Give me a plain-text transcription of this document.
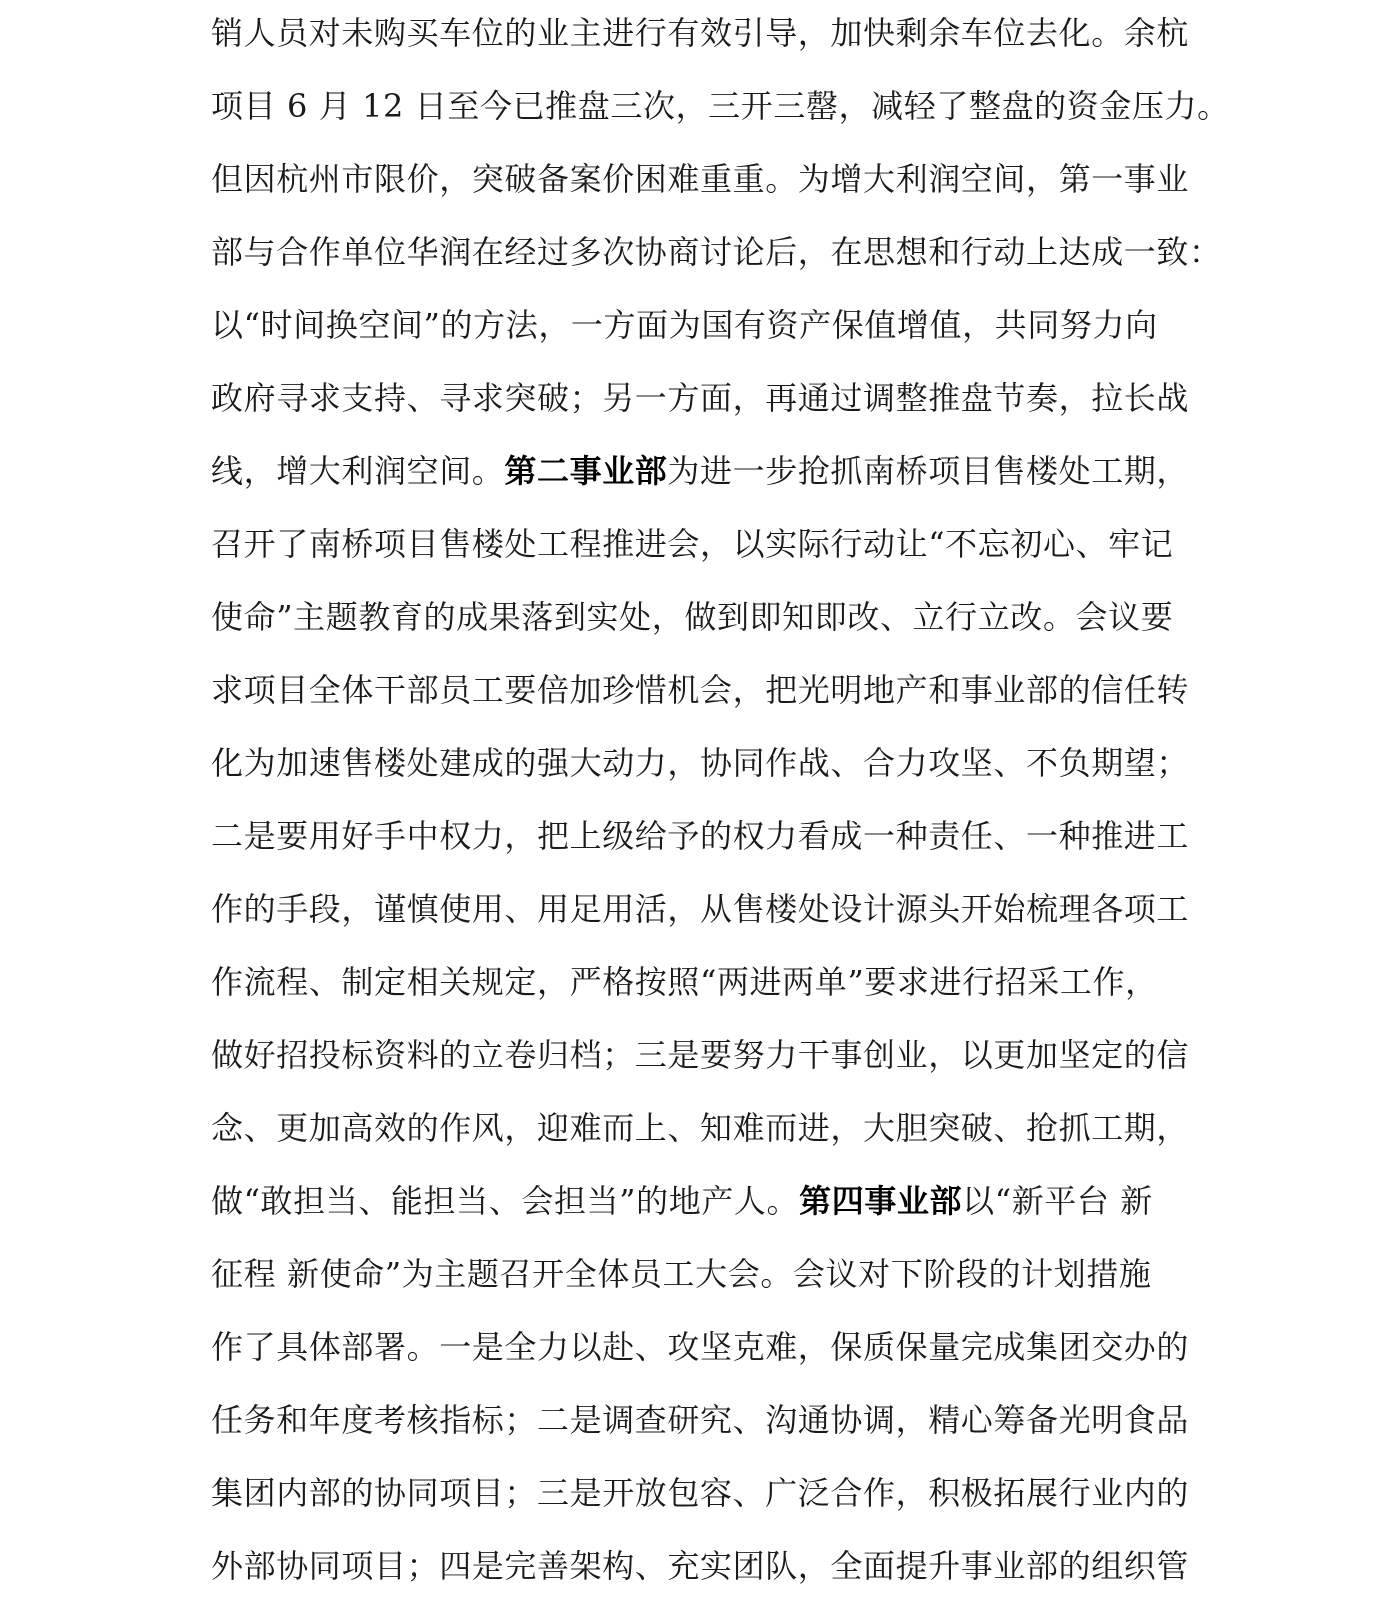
销人员对未购买车位的业主进行有效引导，加快剩余车位去化。余杭
项目 6 月 12 日至今已推盘三次，三开三罄，减轻了整盘的资金压力。
但因杭州市限价，突破备案价困难重重。为增大利润空间，第一事业
部与合作单位华润在经过多次协商讨论后，在思想和行动上达成一致：
以“时间换空间”的方法，一方面为国有资产保值增值，共同努力向
政府寻求支持、寻求突破；另一方面，再通过调整推盘节奏，拉长战
线，增大利润空间。第二事业部为进一步抢抓南桥项目售楼处工期，
召开了南桥项目售楼处工程推进会，以实际行动让“不忘初心、牢记
使命”主题教育的成果落到实处，做到即知即改、立行立改。会议要
求项目全体干部员工要倍加珍惜机会，把光明地产和事业部的信任转
化为加速售楼处建成的强大动力，协同作战、合力攻坚、不负期望；
二是要用好手中权力，把上级给予的权力看成一种责任、一种推进工
作的手段，谨慎使用、用足用活，从售楼处设计源头开始梳理各项工
作流程、制定相关规定，严格按照“两进两单”要求进行招采工作，
做好招投标资料的立卷归档；三是要努力干事创业，以更加坚定的信
念、更加高效的作风，迎难而上、知难而进，大胆突破、抢抓工期，
做“敢担当、能担当、会担当”的地产人。第四事业部以“新平台 新
征程 新使命”为主题召开全体员工大会。会议对下阶段的计划措施
作了具体部署。一是全力以赴、攻坚克难，保质保量完成集团交办的
任务和年度考核指标；二是调查研究、沟通协调，精心筹备光明食品
集团内部的协同项目；三是开放包容、广泛合作，积极拓展行业内的
外部协同项目；四是完善架构、充实团队，全面提升事业部的组织管
